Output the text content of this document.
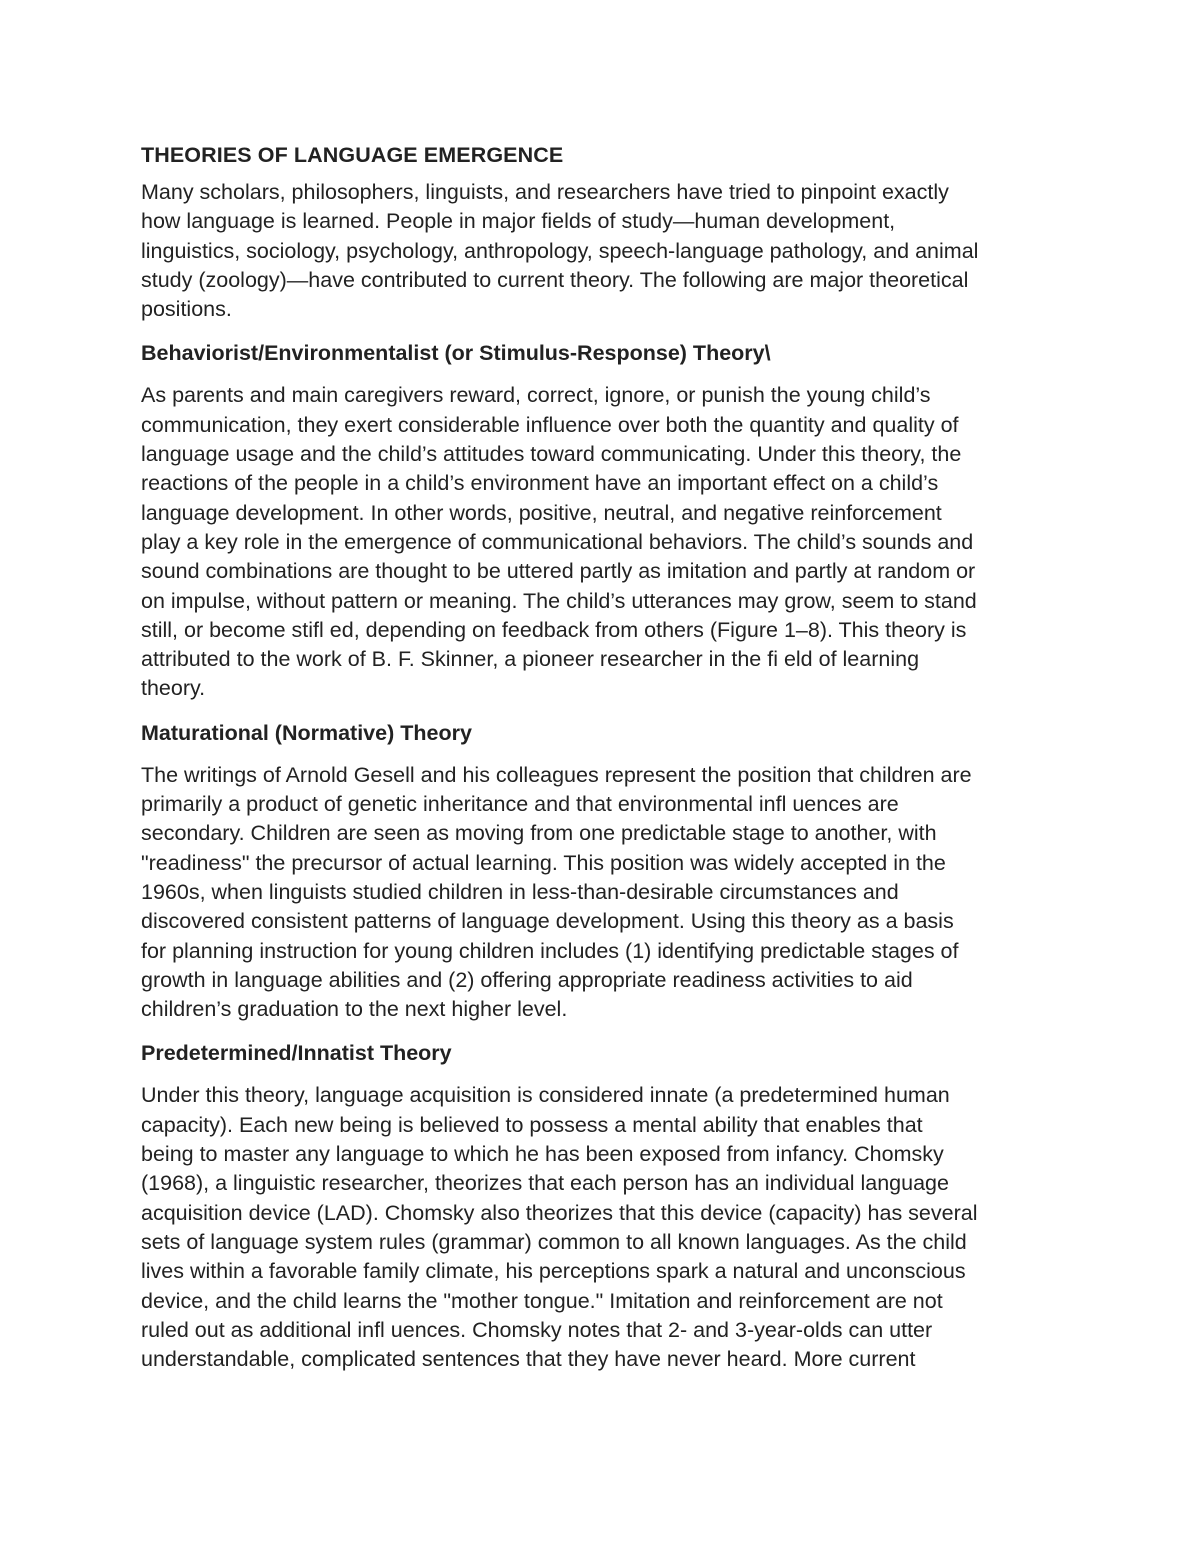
THEORIES OF LANGUAGE EMERGENCE

Many scholars, philosophers, linguists, and researchers have tried to pinpoint exactly
how language is learned. People in major fields of study—human development,
linguistics, sociology, psychology, anthropology, speech-language pathology, and animal
study (zoology)—have contributed to current theory. The following are major theoretical
positions.

Behaviorist/Environmentalist (or Stimulus-Response) Theory\

As parents and main caregivers reward, correct, ignore, or punish the young child’s
communication, they exert considerable influence over both the quantity and quality of
language usage and the child’s attitudes toward communicating. Under this theory, the
reactions of the people in a child’s environment have an important effect on a child’s
language development. In other words, positive, neutral, and negative reinforcement
play a key role in the emergence of communicational behaviors. The child’s sounds and
sound combinations are thought to be uttered partly as imitation and partly at random or
on impulse, without pattern or meaning. The child’s utterances may grow, seem to stand
still, or become stifl ed, depending on feedback from others (Figure 1–8). This theory is
attributed to the work of B. F. Skinner, a pioneer researcher in the fi eld of learning
theory.

Maturational (Normative) Theory

The writings of Arnold Gesell and his colleagues represent the position that children are
primarily a product of genetic inheritance and that environmental infl uences are
secondary. Children are seen as moving from one predictable stage to another, with
"readiness" the precursor of actual learning. This position was widely accepted in the
1960s, when linguists studied children in less-than-desirable circumstances and
discovered consistent patterns of language development. Using this theory as a basis
for planning instruction for young children includes (1) identifying predictable stages of
growth in language abilities and (2) offering appropriate readiness activities to aid
children’s graduation to the next higher level.

Predetermined/Innatist Theory

Under this theory, language acquisition is considered innate (a predetermined human
capacity). Each new being is believed to possess a mental ability that enables that
being to master any language to which he has been exposed from infancy. Chomsky
(1968), a linguistic researcher, theorizes that each person has an individual language
acquisition device (LAD). Chomsky also theorizes that this device (capacity) has several
sets of language system rules (grammar) common to all known languages. As the child
lives within a favorable family climate, his perceptions spark a natural and unconscious
device, and the child learns the "mother tongue." Imitation and reinforcement are not
ruled out as additional infl uences. Chomsky notes that 2- and 3-year-olds can utter
understandable, complicated sentences that they have never heard. More current
